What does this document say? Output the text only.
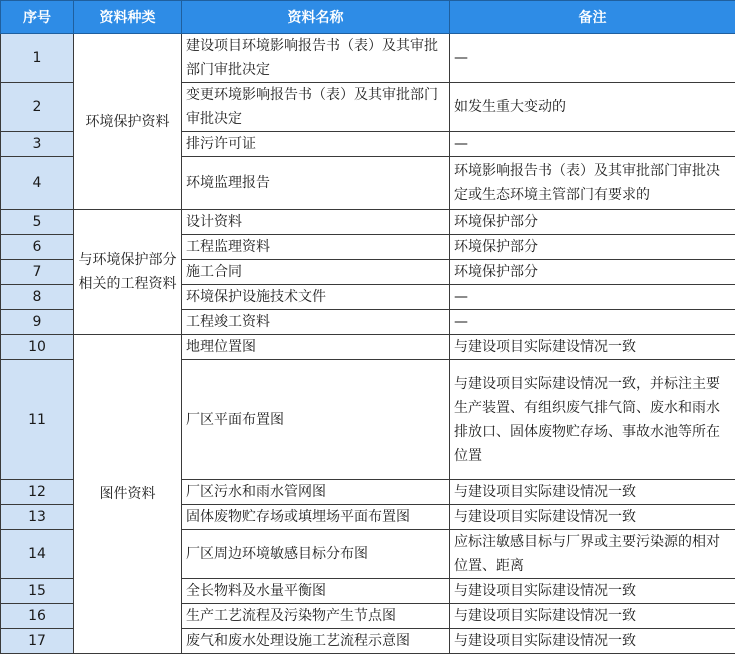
序号	资料种类	资料名称	备注
1	环境保护资料	建设项目环境影响报告书（表）及其审批部门审批决定	—
2		变更环境影响报告书（表）及其审批部门审批决定	如发生重大变动的
3		排污许可证	—
4		环境监理报告	环境影响报告书（表）及其审批部门审批决定或生态环境主管部门有要求的
5	与环境保护部分相关的工程资料	设计资料	环境保护部分
6		工程监理资料	环境保护部分
7		施工合同	环境保护部分
8		环境保护设施技术文件	—
9		工程竣工资料	—
10	图件资料	地理位置图	与建设项目实际建设情况一致
11		厂区平面布置图	与建设项目实际建设情况一致，并标注主要生产装置、有组织废气排气筒、废水和雨水排放口、固体废物贮存场、事故水池等所在位置
12		厂区污水和雨水管网图	与建设项目实际建设情况一致
13		固体废物贮存场或填埋场平面布置图	与建设项目实际建设情况一致
14		厂区周边环境敏感目标分布图	应标注敏感目标与厂界或主要污染源的相对位置、距离
15		全长物料及水量平衡图	与建设项目实际建设情况一致
16		生产工艺流程及污染物产生节点图	与建设项目实际建设情况一致
17		废气和废水处理设施工艺流程示意图	与建设项目实际建设情况一致
